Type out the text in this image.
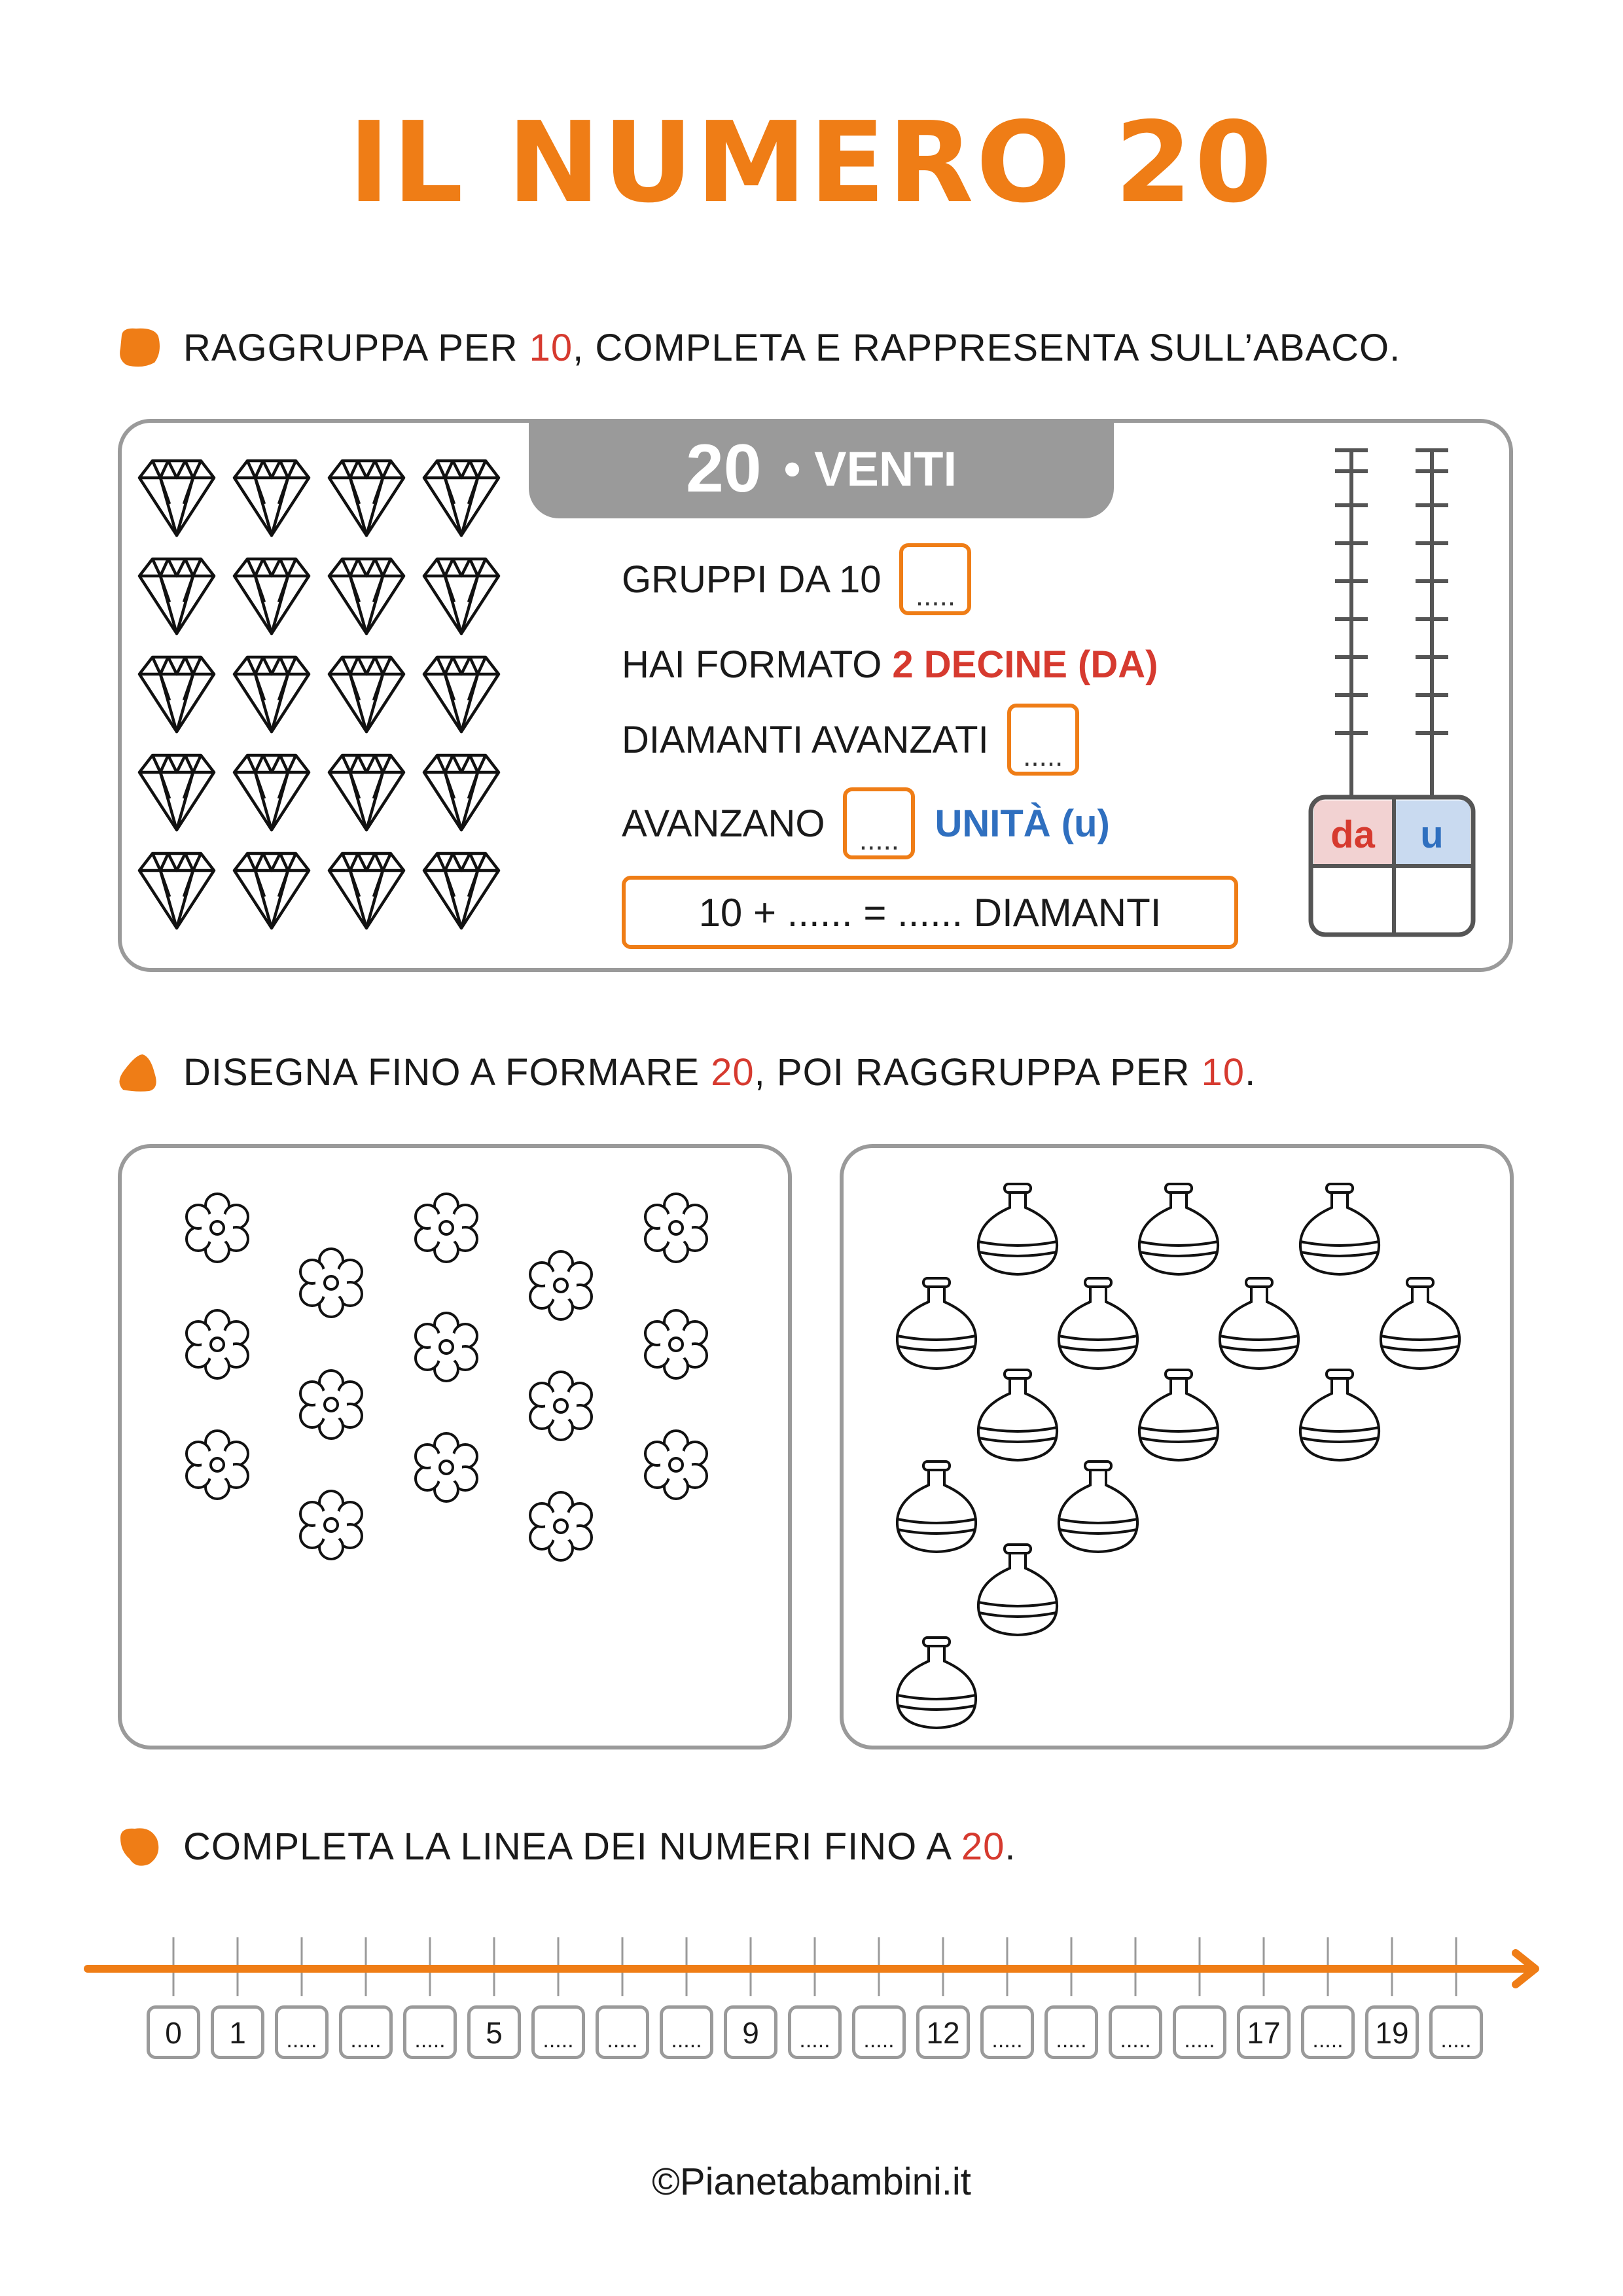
IL NUMERO 20
RAGGRUPPA PER 10, COMPLETA E RAPPRESENTA SULL’ABACO.
20 • VENTI
GRUPPI DA 10	.....
HAI FORMATO 2 DECINE (DA)
DIAMANTI AVANZATI	.....
AVANZANO	..... UNITÀ (u)
10 + ...... = ...... DIAMANTI
da u
DISEGNA FINO A FORMARE 20, POI RAGGRUPPA PER 10.
COMPLETA LA LINEA DEI NUMERI FINO A 20.
0	1	.....	.....	.....	5	.....	.....	.....	9	.....	.....	12	.....	.....	.....	.....	17	.....	19	.....
©Pianetabambini.it
